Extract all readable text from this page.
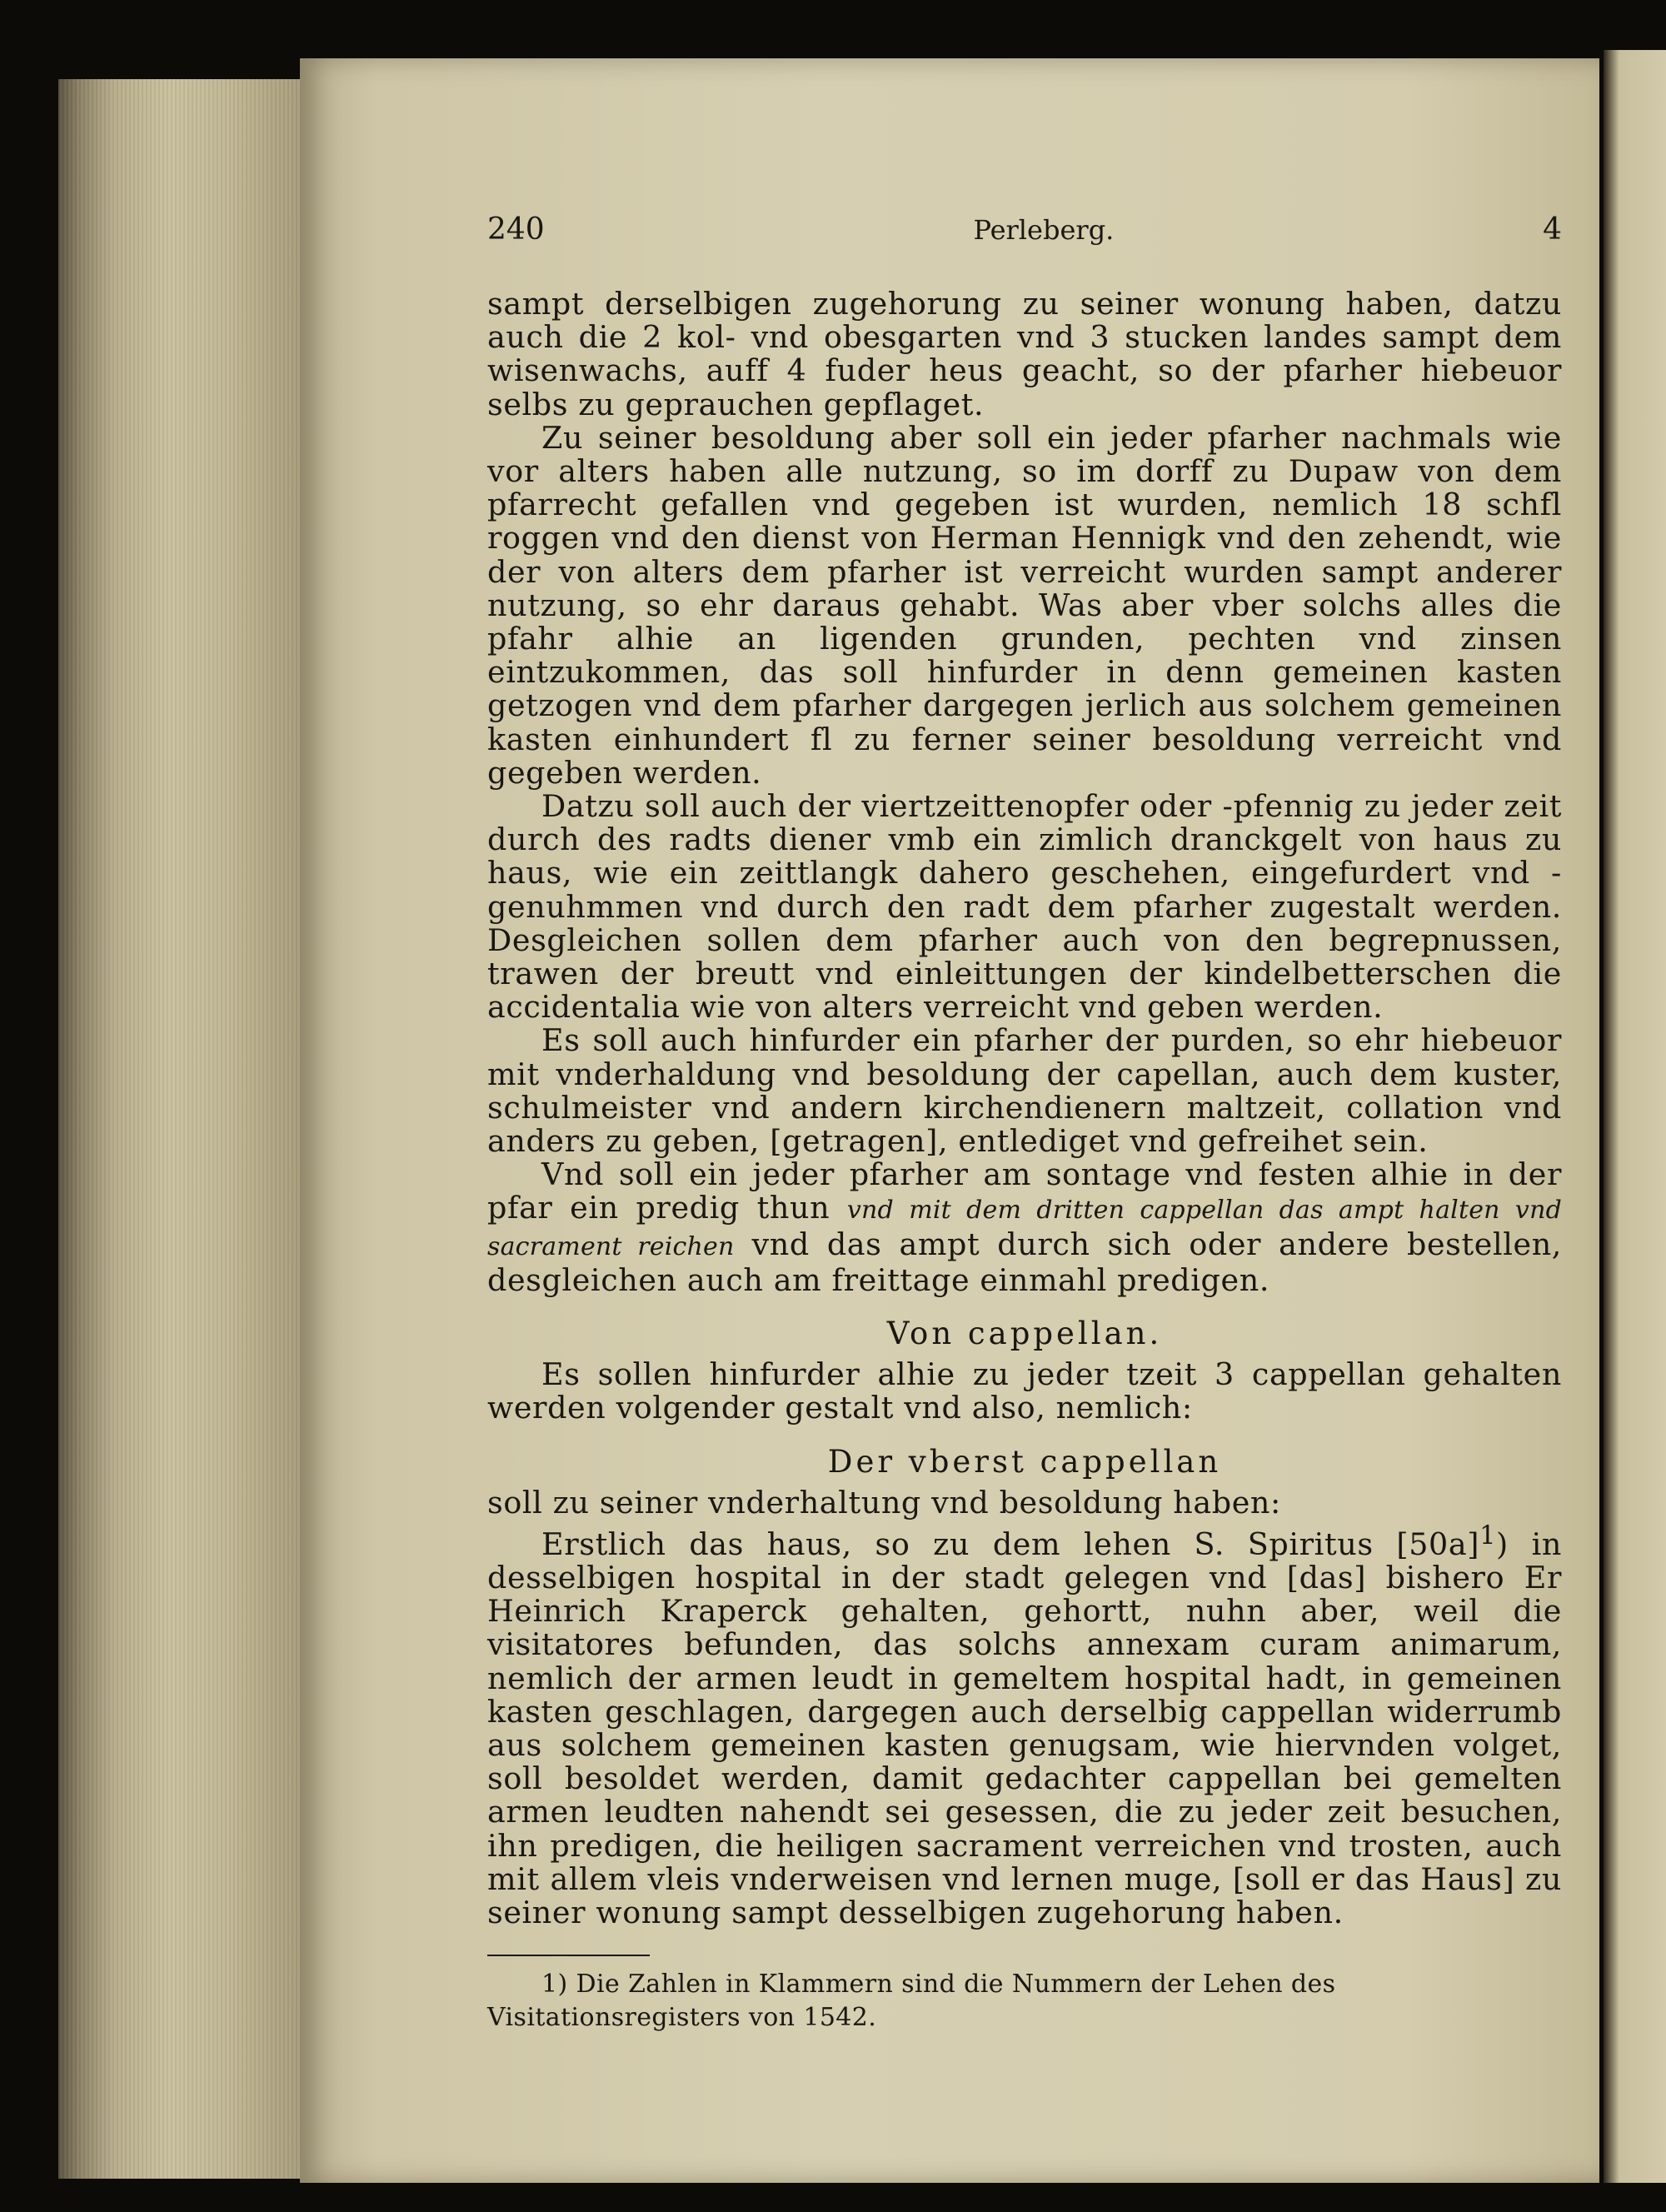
240	Perleberg.	4

sampt derselbigen zugehorung zu seiner wonung haben, datzu auch die 2 kol- vnd obesgarten vnd 3 stucken landes sampt dem wisenwachs, auff 4 fuder heus geacht, so der pfarher hiebeuor selbs zu geprauchen gepflaget.

Zu seiner besoldung aber soll ein jeder pfarher nachmals wie vor alters haben alle nutzung, so im dorff zu Dupaw von dem pfarrecht gefallen vnd gegeben ist wurden, nemlich 18 schfl roggen vnd den dienst von Herman Hennigk vnd den zehendt, wie der von alters dem pfarher ist verreicht wurden sampt anderer nutzung, so ehr daraus gehabt. Was aber vber solchs alles die pfahr alhie an ligenden grunden, pechten vnd zinsen eintzukommen, das soll hinfurder in denn gemeinen kasten getzogen vnd dem pfarher dargegen jerlich aus solchem gemeinen kasten einhundert fl zu ferner seiner besoldung verreicht vnd gegeben werden.

Datzu soll auch der viertzeittenopfer oder -pfennig zu jeder zeit durch des radts diener vmb ein zimlich dranckgelt von haus zu haus, wie ein zeittlangk dahero geschehen, eingefurdert vnd -genuhmmen vnd durch den radt dem pfarher zugestalt werden. Desgleichen sollen dem pfarher auch von den begrepnussen, trawen der breutt vnd einleittungen der kindelbetterschen die accidentalia wie von alters verreicht vnd geben werden.

Es soll auch hinfurder ein pfarher der purden, so ehr hiebeuor mit vnderhaldung vnd besoldung der capellan, auch dem kuster, schulmeister vnd andern kirchendienern maltzeit, collation vnd anders zu geben, [getragen], entlediget vnd gefreihet sein.

Vnd soll ein jeder pfarher am sontage vnd festen alhie in der pfar ein predig thun vnd mit dem dritten cappellan das ampt halten vnd sacrament reichen vnd das ampt durch sich oder andere bestellen, desgleichen auch am freittage einmahl predigen.

Von cappellan.

Es sollen hinfurder alhie zu jeder tzeit 3 cappellan gehalten werden volgender gestalt vnd also, nemlich:

Der vberst cappellan

soll zu seiner vnderhaltung vnd besoldung haben:

Erstlich das haus, so zu dem lehen S. Spiritus $[50a]^1$) in desselbigen hospital in der stadt gelegen vnd [das] bishero Er Heinrich Kraperck gehalten, gehortt, nuhn aber, weil die visitatores befunden, das solchs annexam curam animarum, nemlich der armen leudt in gemeltem hospital hadt, in gemeinen kasten geschlagen, dargegen auch derselbig cappellan widerrumb aus solchem gemeinen kasten genugsam, wie hiervnden volget, soll besoldet werden, damit gedachter cappellan bei gemelten armen leudten nahendt sei gesessen, die zu jeder zeit besuchen, ihn predigen, die heiligen sacrament verreichen vnd trosten, auch mit allem vleis vnderweisen vnd lernen muge, [soll er das Haus] zu seiner wonung sampt desselbigen zugehorung haben.

1) Die Zahlen in Klammern sind die Nummern der Lehen des Visitationsregisters von 1542.
